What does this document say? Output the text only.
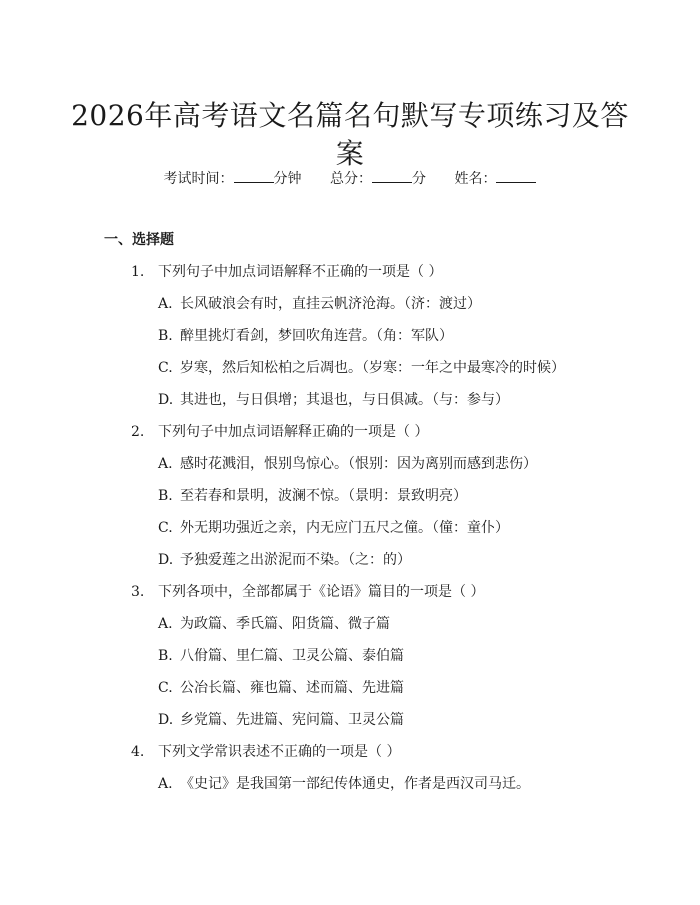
2026年高考语文名篇名句默写专项练习及答案
考试时间：	分钟 总分：	分 姓名：
一、选择题
1. 下列句子中加点词语解释不正确的一项是（ ）
A. 长风破浪会有时，直挂云帆济沧海。（济：渡过）
B. 醉里挑灯看剑，梦回吹角连营。（角：军队）
C. 岁寒，然后知松柏之后凋也。（岁寒：一年之中最寒冷的时候）
D. 其进也，与日俱增；其退也，与日俱减。（与：参与）
2. 下列句子中加点词语解释正确的一项是（ ）
A. 感时花溅泪，恨别鸟惊心。（恨别：因为离别而感到悲伤）
B. 至若春和景明，波澜不惊。（景明：景致明亮）
C. 外无期功强近之亲，内无应门五尺之僮。（僮：童仆）
D. 予独爱莲之出淤泥而不染。（之：的）
3. 下列各项中，全部都属于《论语》篇目的一项是（ ）
A. 为政篇、季氏篇、阳货篇、微子篇
B. 八佾篇、里仁篇、卫灵公篇、泰伯篇
C. 公冶长篇、雍也篇、述而篇、先进篇
D. 乡党篇、先进篇、宪问篇、卫灵公篇
4. 下列文学常识表述不正确的一项是（ ）
A. 《史记》是我国第一部纪传体通史，作者是西汉司马迁。
